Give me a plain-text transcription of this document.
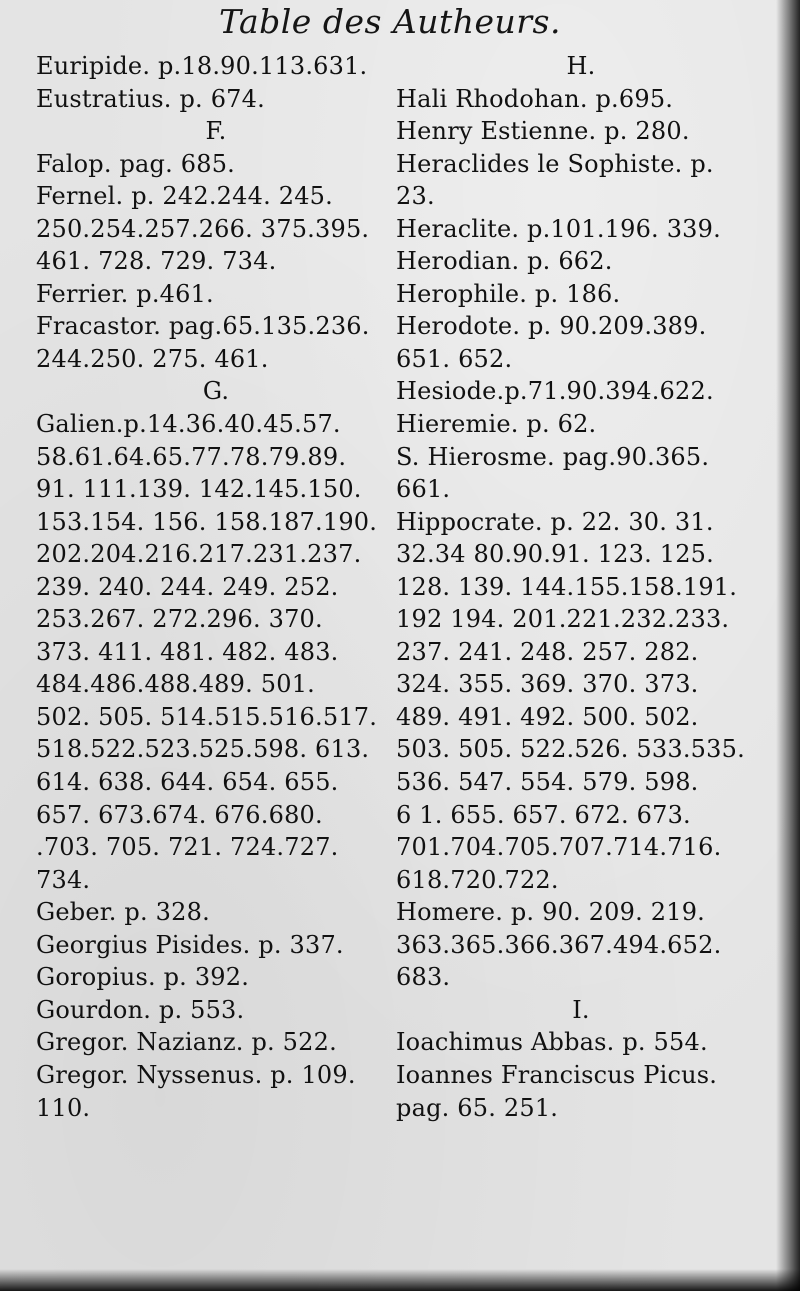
Table des Autheurs.
Euripide. p.18.90.113.631.
Eustratius. p. 674.
F.
Falop. pag. 685.
Fernel. p. 242.244. 245.
250.254.257.266. 375.395.
461. 728. 729. 734.
Ferrier. p.461.
Fracastor. pag.65.135.236.
244.250. 275. 461.
G.
Galien.p.14.36.40.45.57.
58.61.64.65.77.78.79.89.
91. 111.139. 142.145.150.
153.154. 156. 158.187.190.
202.204.216.217.231.237.
239. 240. 244. 249. 252.
253.267. 272.296. 370.
373. 411. 481. 482. 483.
484.486.488.489. 501.
502. 505. 514.515.516.517.
518.522.523.525.598. 613.
614. 638. 644. 654. 655.
657. 673.674. 676.680.
.703. 705. 721. 724.727.
734.
Geber. p. 328.
Georgius Pisides. p. 337.
Goropius. p. 392.
Gourdon. p. 553.
Gregor. Nazianz. p. 522.
Gregor. Nyssenus. p. 109.
110.
H.
Hali Rhodohan. p.695.
Henry Estienne. p. 280.
Heraclides le Sophiste. p.
23.
Heraclite. p.101.196. 339.
Herodian. p. 662.
Herophile. p. 186.
Herodote. p. 90.209.389.
651. 652.
Hesiode.p.71.90.394.622.
Hieremie. p. 62.
S. Hierosme. pag.90.365.
661.
Hippocrate. p. 22. 30. 31.
32.34 80.90.91. 123. 125.
128. 139. 144.155.158.191.
192 194. 201.221.232.233.
237. 241. 248. 257. 282.
324. 355. 369. 370. 373.
489. 491. 492. 500. 502.
503. 505. 522.526. 533.535.
536. 547. 554. 579. 598.
6 1. 655. 657. 672. 673.
701.704.705.707.714.716.
618.720.722.
Homere. p. 90. 209. 219.
363.365.366.367.494.652.
683.
I.
Ioachimus Abbas. p. 554.
Ioannes Franciscus Picus.
pag. 65. 251.
